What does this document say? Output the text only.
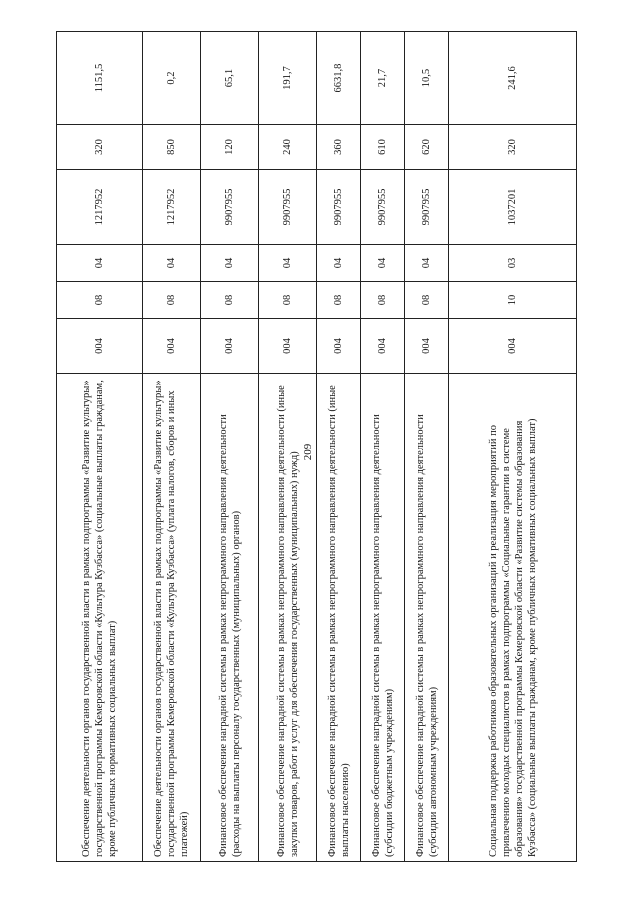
209
Обеспечение деятельности органов государственной власти в рамках подпрограммы «Развитие культуры» государственной программы Кемеровской области «Культура Кузбасса» (социальные выплаты гражданам, кроме публичных нормативных социальных выплат)	004	08	04	1217952	320	1151,5
Обеспечение деятельности органов государственной власти в рамках подпрограммы «Развитие культуры» государственной программы Кемеровской области «Культура Кузбасса» (уплата налогов, сборов и иных платежей)	004	08	04	1217952	850	0,2
Финансовое обеспечение наградной системы в рамках непрограммного направления деятельности (расходы на выплаты персоналу государственных (муниципальных) органов)	004	08	04	9907955	120	65,1
Финансовое обеспечение наградной системы в рамках непрограммного направления деятельности (иные закупки товаров, работ и услуг для обеспечения государственных (муниципальных) нужд)	004	08	04	9907955	240	191,7
Финансовое обеспечение наградной системы в рамках непрограммного направления деятельности (иные выплаты населению)	004	08	04	9907955	360	6631,8
Финансовое обеспечение наградной системы в рамках непрограммного направления деятельности (субсидии бюджетным учреждениям)	004	08	04	9907955	610	21,7
Финансовое обеспечение наградной системы в рамках непрограммного направления деятельности (субсидии автономным учреждениям)	004	08	04	9907955	620	10,5
Социальная поддержка работников образовательных организаций и реализация мероприятий по привлечению молодых специалистов в рамках подпрограммы «Социальные гарантии в системе образования» государственной программы Кемеровской области «Развитие системы образования Кузбасса» (социальные выплаты гражданам, кроме публичных нормативных социальных выплат)	004	10	03	1037201	320	241,6
